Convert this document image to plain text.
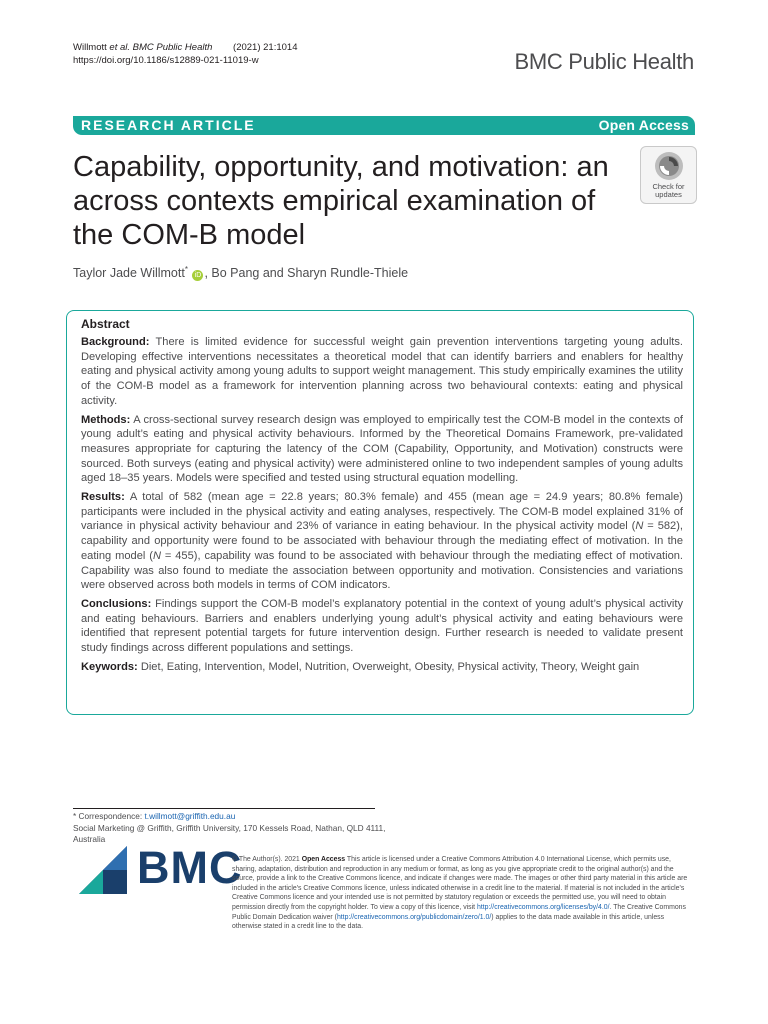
Willmott et al. BMC Public Health (2021) 21:1014
https://doi.org/10.1186/s12889-021-11019-w	BMC Public Health
RESEARCH ARTICLE	Open Access
Capability, opportunity, and motivation: an across contexts empirical examination of the COM-B model
Check for
updates
Taylor Jade Willmott* iD , Bo Pang and Sharyn Rundle-Thiele
Abstract

Background: There is limited evidence for successful weight gain prevention interventions targeting young adults. Developing effective interventions necessitates a theoretical model that can identify barriers and enablers for healthy eating and physical activity among young adults to support weight management. This study empirically examines the utility of the COM-B model as a framework for intervention planning across two behavioural contexts: eating and physical activity.

Methods: A cross-sectional survey research design was employed to empirically test the COM-B model in the contexts of young adult’s eating and physical activity behaviours. Informed by the Theoretical Domains Framework, pre-validated measures appropriate for capturing the latency of the COM (Capability, Opportunity, and Motivation) constructs were sourced. Both surveys (eating and physical activity) were administered online to two independent samples of young adults aged 18–35 years. Models were specified and tested using structural equation modelling.

Results: A total of 582 (mean age = 22.8 years; 80.3% female) and 455 (mean age = 24.9 years; 80.8% female) participants were included in the physical activity and eating analyses, respectively. The COM-B model explained 31% of variance in physical activity behaviour and 23% of variance in eating behaviour. In the physical activity model (N = 582), capability and opportunity were found to be associated with behaviour through the mediating effect of motivation. In the eating model (N = 455), capability was found to be associated with behaviour through the mediating effect of motivation. Capability was also found to mediate the association between opportunity and motivation. Consistencies and variations were observed across both models in terms of COM indicators.

Conclusions: Findings support the COM-B model’s explanatory potential in the context of young adult’s physical activity and eating behaviours. Barriers and enablers underlying young adult’s physical activity and eating behaviours were identified that represent potential targets for future intervention design. Further research is needed to validate present study findings across different populations and settings.

Keywords: Diet, Eating, Intervention, Model, Nutrition, Overweight, Obesity, Physical activity, Theory, Weight gain

* Correspondence: t.willmott@griffith.edu.au
Social Marketing @ Griffith, Griffith University, 170 Kessels Road, Nathan, QLD 4111, Australia
BMC
© The Author(s). 2021 Open Access This article is licensed under a Creative Commons Attribution 4.0 International License, which permits use, sharing, adaptation, distribution and reproduction in any medium or format, as long as you give appropriate credit to the original author(s) and the source, provide a link to the Creative Commons licence, and indicate if changes were made. The images or other third party material in this article are included in the article's Creative Commons licence, unless indicated otherwise in a credit line to the material. If material is not included in the article's Creative Commons licence and your intended use is not permitted by statutory regulation or exceeds the permitted use, you will need to obtain permission directly from the copyright holder. To view a copy of this licence, visit http://creativecommons.org/licenses/by/4.0/. The Creative Commons Public Domain Dedication waiver (http://creativecommons.org/publicdomain/zero/1.0/) applies to the data made available in this article, unless otherwise stated in a credit line to the data.
